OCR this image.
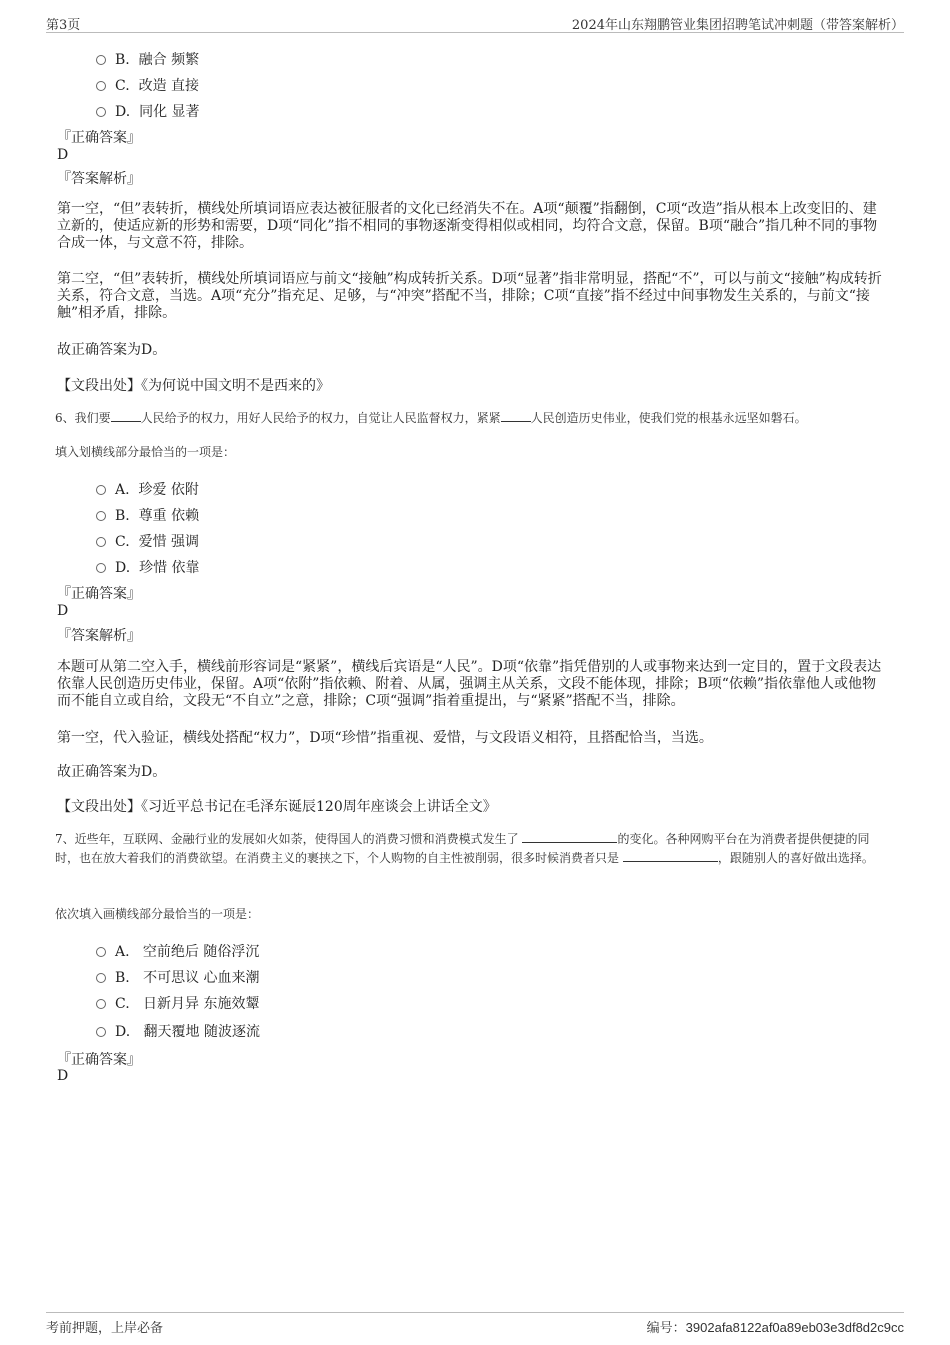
第3页	2024年山东翔鹏管业集团招聘笔试冲刺题（带答案解析）
B. 融合 频繁
C. 改造 直接
D. 同化 显著
『正确答案』
D
『答案解析』
第一空，“但”表转折，横线处所填词语应表达被征服者的文化已经消失不在。A项“颠覆”指翻倒，C项“改造”指从根本上改变旧的、建立新的，使适应新的形势和需要，D项“同化”指不相同的事物逐渐变得相似或相同，均符合文意，保留。B项“融合”指几种不同的事物合成一体，与文意不符，排除。
第二空，“但”表转折，横线处所填词语应与前文“接触”构成转折关系。D项“显著”指非常明显，搭配“不”，可以与前文“接触”构成转折关系，符合文意，当选。A项“充分”指充足、足够，与“冲突”搭配不当，排除；C项“直接”指不经过中间事物发生关系的，与前文“接触”相矛盾，排除。
故正确答案为D。
【文段出处】《为何说中国文明不是西来的》
6、我们要	人民给予的权力，用好人民给予的权力，自觉让人民监督权力，紧紧	人民创造历史伟业，使我们党的根基永远坚如磐石。
填入划横线部分最恰当的一项是：
A. 珍爱 依附
B. 尊重 依赖
C. 爱惜 强调
D. 珍惜 依靠
『正确答案』
D
『答案解析』
本题可从第二空入手，横线前形容词是“紧紧”，横线后宾语是“人民”。D项“依靠”指凭借别的人或事物来达到一定目的，置于文段表达依靠人民创造历史伟业，保留。A项“依附”指依赖、附着、从属，强调主从关系，文段不能体现，排除；B项“依赖”指依靠他人或他物而不能自立或自给，文段无“不自立”之意，排除；C项“强调”指着重提出，与“紧紧”搭配不当，排除。
第一空，代入验证，横线处搭配“权力”，D项“珍惜”指重视、爱惜，与文段语义相符，且搭配恰当，当选。
故正确答案为D。
【文段出处】《习近平总书记在毛泽东诞辰120周年座谈会上讲话全文》
7、近些年，互联网、金融行业的发展如火如荼，使得国人的消费习惯和消费模式发生了	的变化。各种网购平台在为消费者提供便捷的同时，也在放大着我们的消费欲望。在消费主义的裹挟之下，个人购物的自主性被削弱，很多时候消费者只是	，跟随别人的喜好做出选择。
依次填入画横线部分最恰当的一项是：
A. 空前绝后 随俗浮沉
B. 不可思议 心血来潮
C. 日新月异 东施效颦
D. 翻天覆地 随波逐流
『正确答案』
D
考前押题，上岸必备	编号：3902afa8122af0a89eb03e3df8d2c9cc
